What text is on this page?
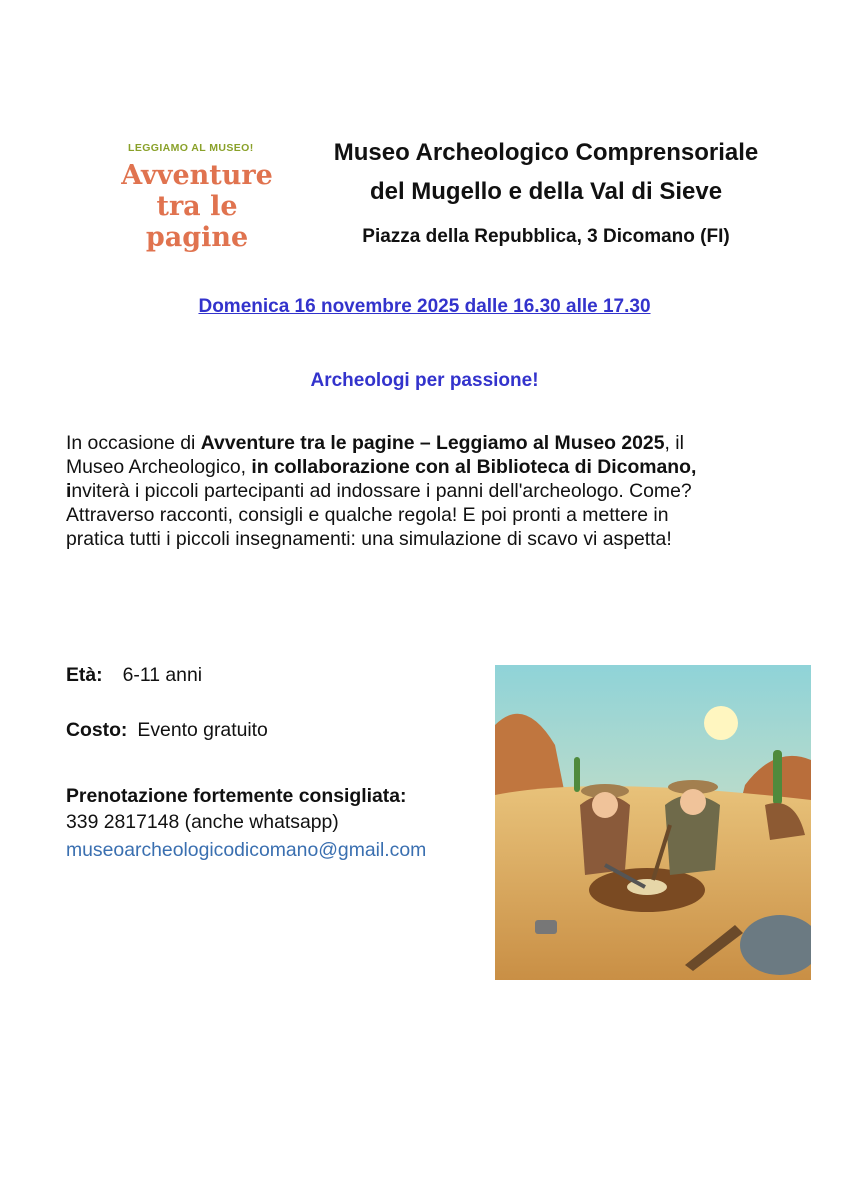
LEGGIAMO AL MUSEO!
Avventure
tra le pagine
Museo Archeologico Comprensoriale
del Mugello e della Val di Sieve
Piazza della Repubblica, 3 Dicomano (FI)
Domenica 16 novembre 2025 dalle 16.30 alle 17.30
Archeologi per passione!
In occasione di Avventure tra le pagine – Leggiamo al Museo 2025, il
Museo Archeologico, in collaborazione con al Biblioteca di Dicomano,
inviterà i piccoli partecipanti ad indossare i panni dell'archeologo. Come?
Attraverso racconti, consigli e qualche regola! E poi pronti a mettere in
pratica tutti i piccoli insegnamenti: una simulazione di scavo vi aspetta!
Età: 6-11 anni
Costo: Evento gratuito
Prenotazione fortemente consigliata:
339 2817148 (anche whatsapp)
museoarcheologicodicomano@gmail.com
